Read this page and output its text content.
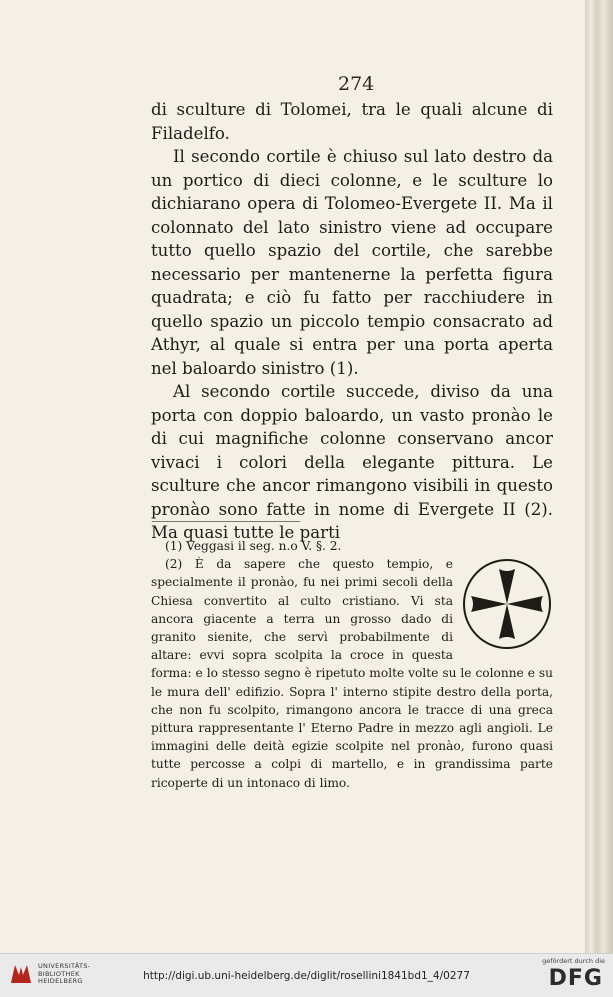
274

di sculture di Tolomei, tra le quali alcune di Filadelfo.

Il secondo cortile è chiuso sul lato destro da un portico di dieci colonne, e le sculture lo dichiarano opera di Tolomeo-Evergete II. Ma il colonnato del lato sinistro viene ad occupare tutto quello spazio del cortile, che sarebbe necessario per mantenerne la perfetta figura quadrata; e ciò fu fatto per racchiudere in quello spazio un piccolo tempio consacrato ad Athyr, al quale si entra per una porta aperta nel baloardo sinistro (1).

Al secondo cortile succede, diviso da una porta con doppio baloardo, un vasto pronào le di cui magnifiche colonne conservano ancor vivaci i colori della elegante pittura. Le sculture che ancor rimangono visibili in questo pronào sono fatte in nome di Evergete II (2). Ma quasi tutte le parti

(1) Veggasi il seg. n.o V. §. 2.

(2) È da sapere che questo tempio, e specialmente il pronào, fu nei primi secoli della Chiesa convertito al culto cristiano. Vi sta ancora giacente a terra un grosso dado di granito sienite, che servì probabilmente di altare: evvi sopra scolpita la croce in questa forma: e lo stesso segno è ripetuto molte volte su le colonne e su le mura dell' edifizio. Sopra l' interno stipite destro della porta, che non fu scolpito, rimangono ancora le tracce di una greca pittura rappresentante l' Eterno Padre in mezzo agli angioli. Le immagini delle deità egizie scolpite nel pronào, furono quasi tutte percosse a colpi di martello, e in grandissima parte ricoperte di un intonaco di limo.

UNIVERSITÄTS-
BIBLIOTHEK
HEIDELBERG	http://digi.ub.uni-heidelberg.de/diglit/rosellini1841bd1_4/0277
gefördert durch die
DFG
